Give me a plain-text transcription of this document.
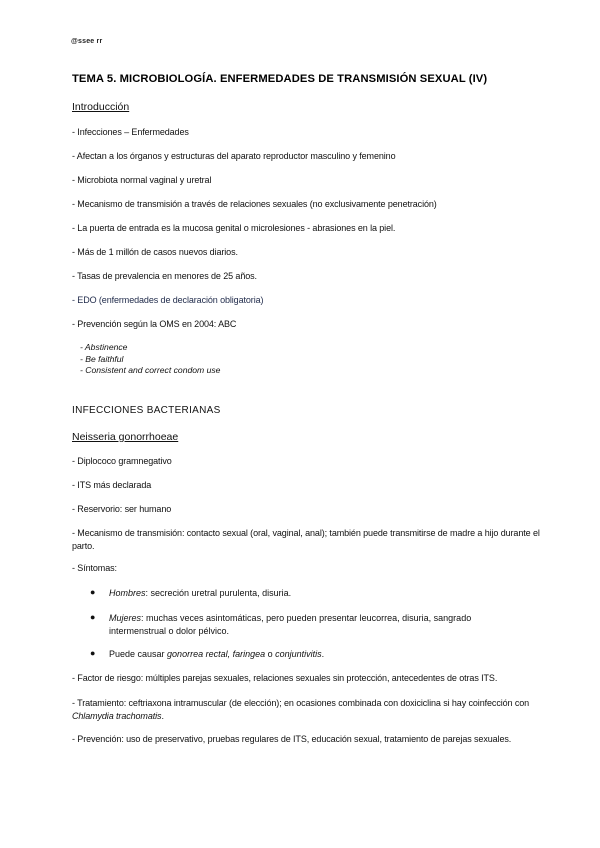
@ssee rr
TEMA 5. MICROBIOLOGÍA. ENFERMEDADES DE TRANSMISIÓN SEXUAL (IV)
Introducción
- Infecciones – Enfermedades
- Afectan a los órganos y estructuras del aparato reproductor masculino y femenino
- Microbiota normal vaginal y uretral
- Mecanismo de transmisión a través de relaciones sexuales (no exclusivamente penetración)
- La puerta de entrada es la mucosa genital o microlesiones - abrasiones en la piel.
- Más de 1 millón de casos nuevos diarios.
- Tasas de prevalencia en menores de 25 años.
- EDO (enfermedades de declaración obligatoria)
- Prevención según la OMS en 2004: ABC
- Abstinence
- Be faithful
- Consistent and correct condom use
INFECCIONES BACTERIANAS
Neisseria gonorrhoeae
- Diplococo gramnegativo
- ITS más declarada
- Reservorio: ser humano
- Mecanismo de transmisión: contacto sexual (oral, vaginal, anal); también puede transmitirse de madre a hijo durante el parto.
- Síntomas:
● Hombres: secreción uretral purulenta, disuria.
● Mujeres: muchas veces asintomáticas, pero pueden presentar leucorrea, disuria, sangrado intermenstrual o dolor pélvico.
● Puede causar gonorrea rectal, faringea o conjuntivitis.
- Factor de riesgo: múltiples parejas sexuales, relaciones sexuales sin protección, antecedentes de otras ITS.
- Tratamiento: ceftriaxona intramuscular (de elección); en ocasiones combinada con doxiciclina si hay coinfección con Chlamydia trachomatis.
- Prevención: uso de preservativo, pruebas regulares de ITS, educación sexual, tratamiento de parejas sexuales.
